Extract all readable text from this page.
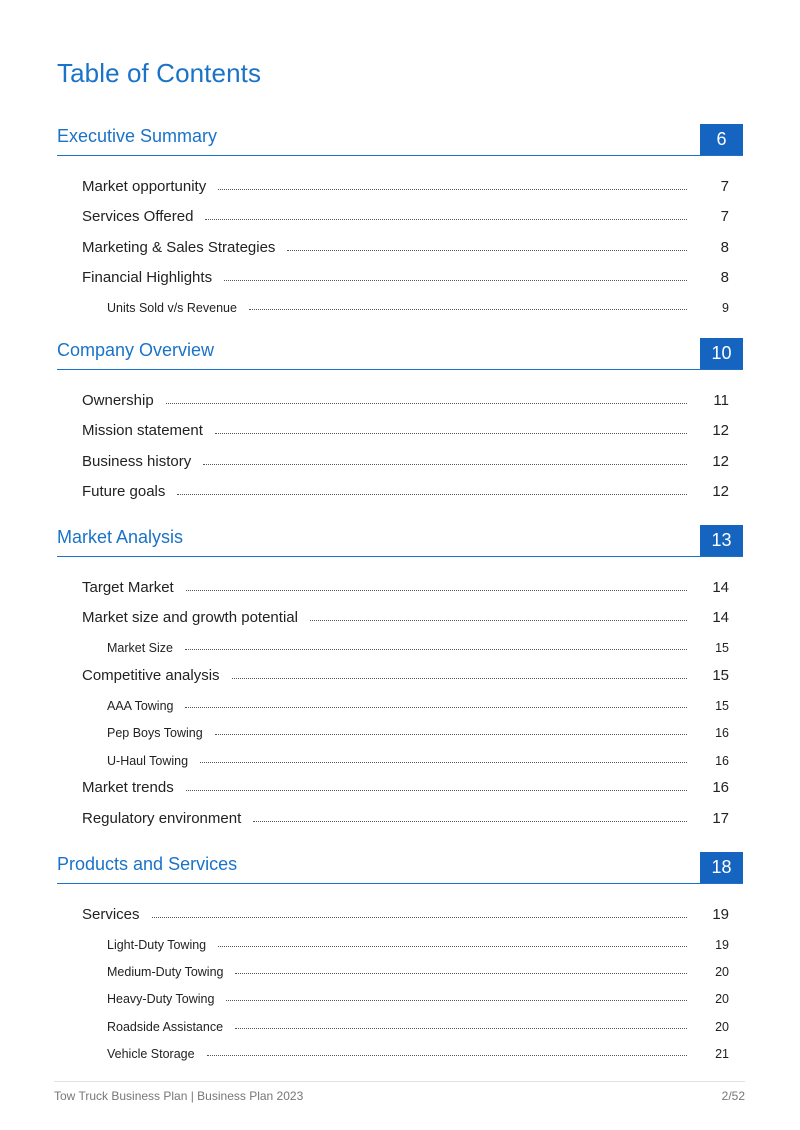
Table of Contents
Executive Summary	6
Market opportunity	7
Services Offered	7
Marketing & Sales Strategies	8
Financial Highlights	8
Units Sold v/s Revenue	9
Company Overview	10
Ownership	11
Mission statement	12
Business history	12
Future goals	12
Market Analysis	13
Target Market	14
Market size and growth potential	14
Market Size	15
Competitive analysis	15
AAA Towing	15
Pep Boys Towing	16
U-Haul Towing	16
Market trends	16
Regulatory environment	17
Products and Services	18
Services	19
Light-Duty Towing	19
Medium-Duty Towing	20
Heavy-Duty Towing	20
Roadside Assistance	20
Vehicle Storage	21
Tow Truck Business Plan | Business Plan 2023	2/52
